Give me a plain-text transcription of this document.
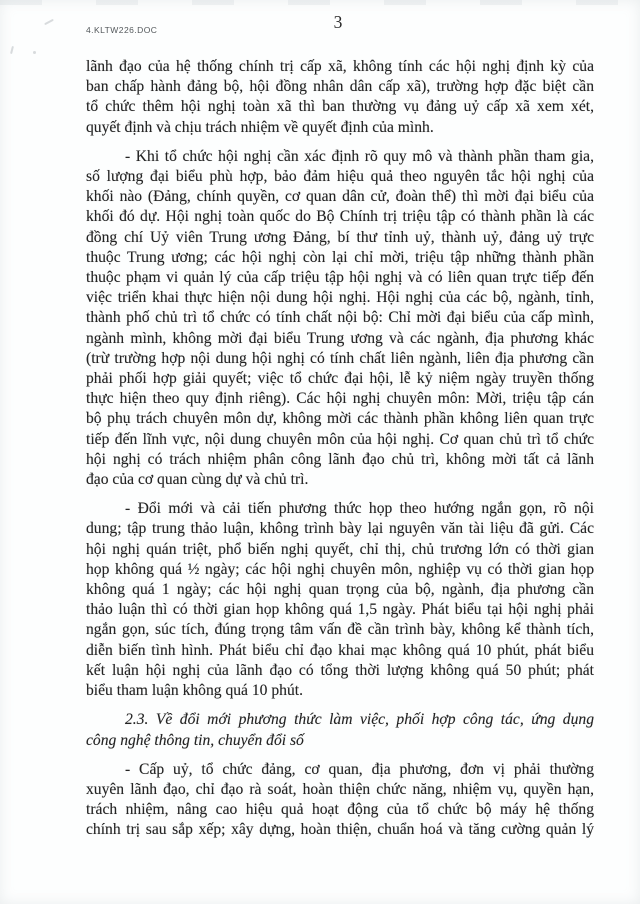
4.KLTW226.DOC	3
lãnh đạo của hệ thống chính trị cấp xã, không tính các hội nghị định kỳ của
ban chấp hành đảng bộ, hội đồng nhân dân cấp xã), trường hợp đặc biệt cần
tổ chức thêm hội nghị toàn xã thì ban thường vụ đảng uỷ cấp xã xem xét,
quyết định và chịu trách nhiệm về quyết định của mình.
- Khi tổ chức hội nghị cần xác định rõ quy mô và thành phần tham gia,
số lượng đại biểu phù hợp, bảo đảm hiệu quả theo nguyên tắc hội nghị của
khối nào (Đảng, chính quyền, cơ quan dân cử, đoàn thể) thì mời đại biểu của
khối đó dự. Hội nghị toàn quốc do Bộ Chính trị triệu tập có thành phần là các
đồng chí Uỷ viên Trung ương Đảng, bí thư tỉnh uỷ, thành uỷ, đảng uỷ trực
thuộc Trung ương; các hội nghị còn lại chỉ mời, triệu tập những thành phần
thuộc phạm vi quản lý của cấp triệu tập hội nghị và có liên quan trực tiếp đến
việc triển khai thực hiện nội dung hội nghị. Hội nghị của các bộ, ngành, tỉnh,
thành phố chủ trì tổ chức có tính chất nội bộ: Chỉ mời đại biểu của cấp mình,
ngành mình, không mời đại biểu Trung ương và các ngành, địa phương khác
(trừ trường hợp nội dung hội nghị có tính chất liên ngành, liên địa phương cần
phải phối hợp giải quyết; việc tổ chức đại hội, lễ kỷ niệm ngày truyền thống
thực hiện theo quy định riêng). Các hội nghị chuyên môn: Mời, triệu tập cán
bộ phụ trách chuyên môn dự, không mời các thành phần không liên quan trực
tiếp đến lĩnh vực, nội dung chuyên môn của hội nghị. Cơ quan chủ trì tổ chức
hội nghị có trách nhiệm phân công lãnh đạo chủ trì, không mời tất cả lãnh
đạo của cơ quan cùng dự và chủ trì.
- Đổi mới và cải tiến phương thức họp theo hướng ngắn gọn, rõ nội
dung; tập trung thảo luận, không trình bày lại nguyên văn tài liệu đã gửi. Các
hội nghị quán triệt, phổ biến nghị quyết, chỉ thị, chủ trương lớn có thời gian
họp không quá ½ ngày; các hội nghị chuyên môn, nghiệp vụ có thời gian họp
không quá 1 ngày; các hội nghị quan trọng của bộ, ngành, địa phương cần
thảo luận thì có thời gian họp không quá 1,5 ngày. Phát biểu tại hội nghị phải
ngắn gọn, súc tích, đúng trọng tâm vấn đề cần trình bày, không kể thành tích,
diễn biến tình hình. Phát biểu chỉ đạo khai mạc không quá 10 phút, phát biểu
kết luận hội nghị của lãnh đạo có tổng thời lượng không quá 50 phút; phát
biểu tham luận không quá 10 phút.
2.3. Về đổi mới phương thức làm việc, phối hợp công tác, ứng dụng
công nghệ thông tin, chuyển đổi số
- Cấp uỷ, tổ chức đảng, cơ quan, địa phương, đơn vị phải thường
xuyên lãnh đạo, chỉ đạo rà soát, hoàn thiện chức năng, nhiệm vụ, quyền hạn,
trách nhiệm, nâng cao hiệu quả hoạt động của tổ chức bộ máy hệ thống
chính trị sau sắp xếp; xây dựng, hoàn thiện, chuẩn hoá và tăng cường quản lý
